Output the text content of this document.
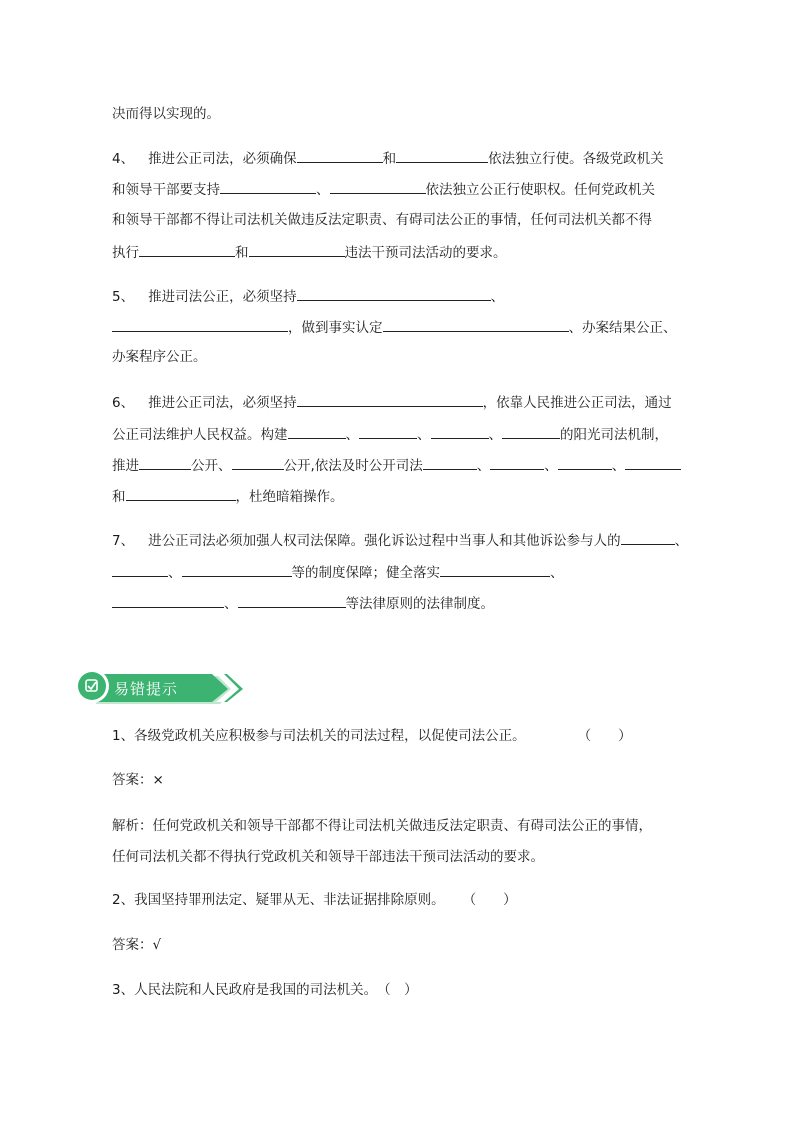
决而得以实现的。

4、 推进公正司法，必须确保	和	依法独立行使。各级党政机关

和领导干部要支持	、	依法独立公正行使职权。任何党政机关

和领导干部都不得让司法机关做违反法定职责、有碍司法公正的事情，任何司法机关都不得

执行	和	违法干预司法活动的要求。

5、 推进司法公正，必须坚持	、

，做到事实认定	、办案结果公正、

办案程序公正。

6、 推进公正司法，必须坚持	，依靠人民推进公正司法，通过

公正司法维护人民权益。构建	、	、	、	的阳光司法机制，

推进	公开、	公开,依法及时公开司法	、	、	、

和	，杜绝暗箱操作。

7、 进公正司法必须加强人权司法保障。强化诉讼过程中当事人和其他诉讼参与人的	、

、	等的制度保障；健全落实	、

、	等法律原则的法律制度。

易错提示

1、各级党政机关应积极参与司法机关的司法过程，以促使司法公正。	（　　）

答案：×

解析：任何党政机关和领导干部都不得让司法机关做违反法定职责、有碍司法公正的事情，

任何司法机关都不得执行党政机关和领导干部违法干预司法活动的要求。

2、我国坚持罪刑法定、疑罪从无、非法证据排除原则。 （　　）

答案：√

3、人民法院和人民政府是我国的司法机关。（　）
